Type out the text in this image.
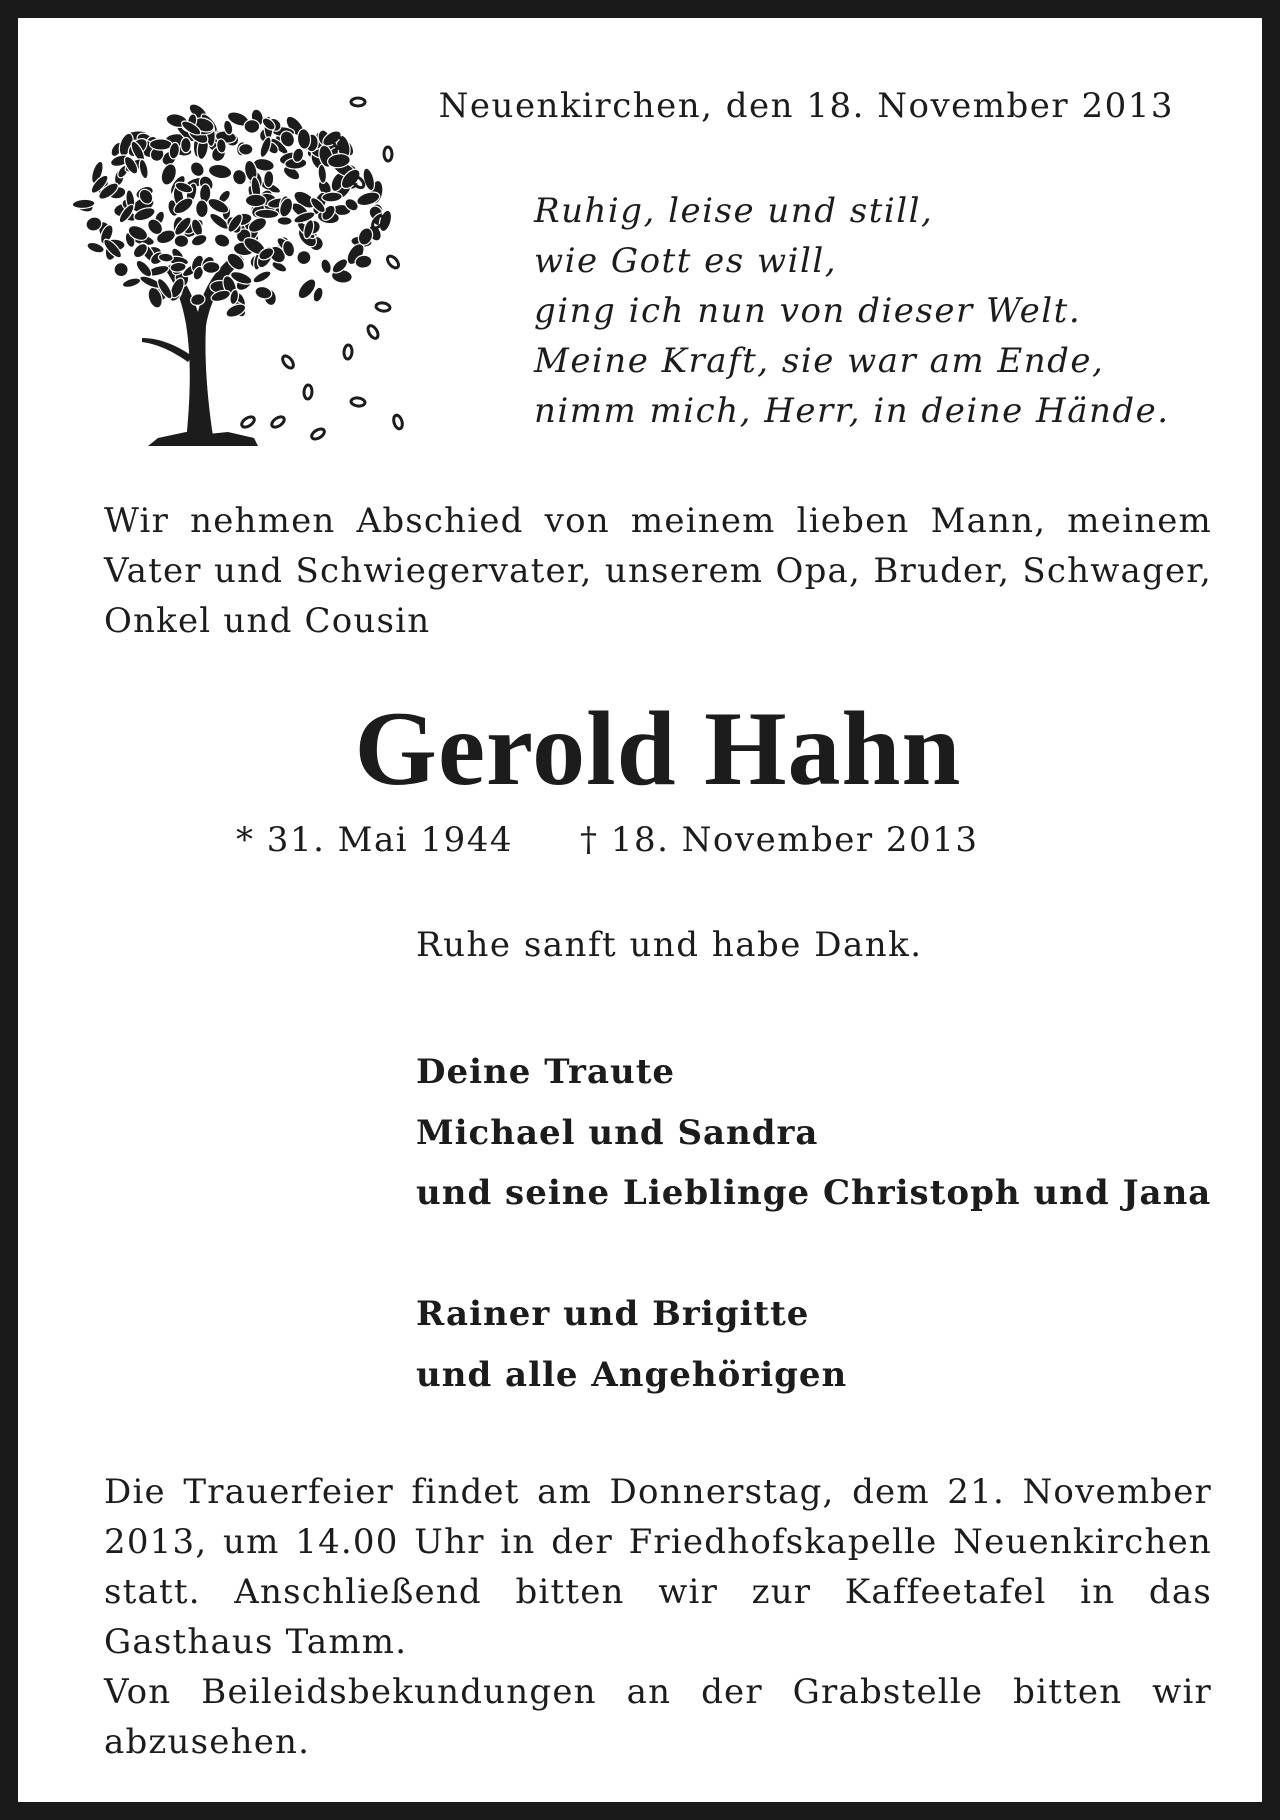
Neuenkirchen, den 18. November 2013
Ruhig, leise und still,
wie Gott es will,
ging ich nun von dieser Welt.
Meine Kraft, sie war am Ende,
nimm mich, Herr, in deine Hände.
Wir nehmen Abschied von meinem lieben Mann, meinem Vater und Schwiegervater, unserem Opa, Bruder, Schwager, Onkel und Cousin
Gerold Hahn
* 31. Mai 1944 † 18. November 2013
Ruhe sanft und habe Dank.
Deine Traute
Michael und Sandra
und seine Lieblinge Christoph und Jana
Rainer und Brigitte
und alle Angehörigen
Die Trauerfeier findet am Donnerstag, dem 21. November 2013, um 14.00 Uhr in der Friedhofskapelle Neuenkirchen statt. Anschließend bitten wir zur Kaffeetafel in das Gasthaus Tamm.
Von Beileidsbekundungen an der Grabstelle bitten wir abzusehen.
